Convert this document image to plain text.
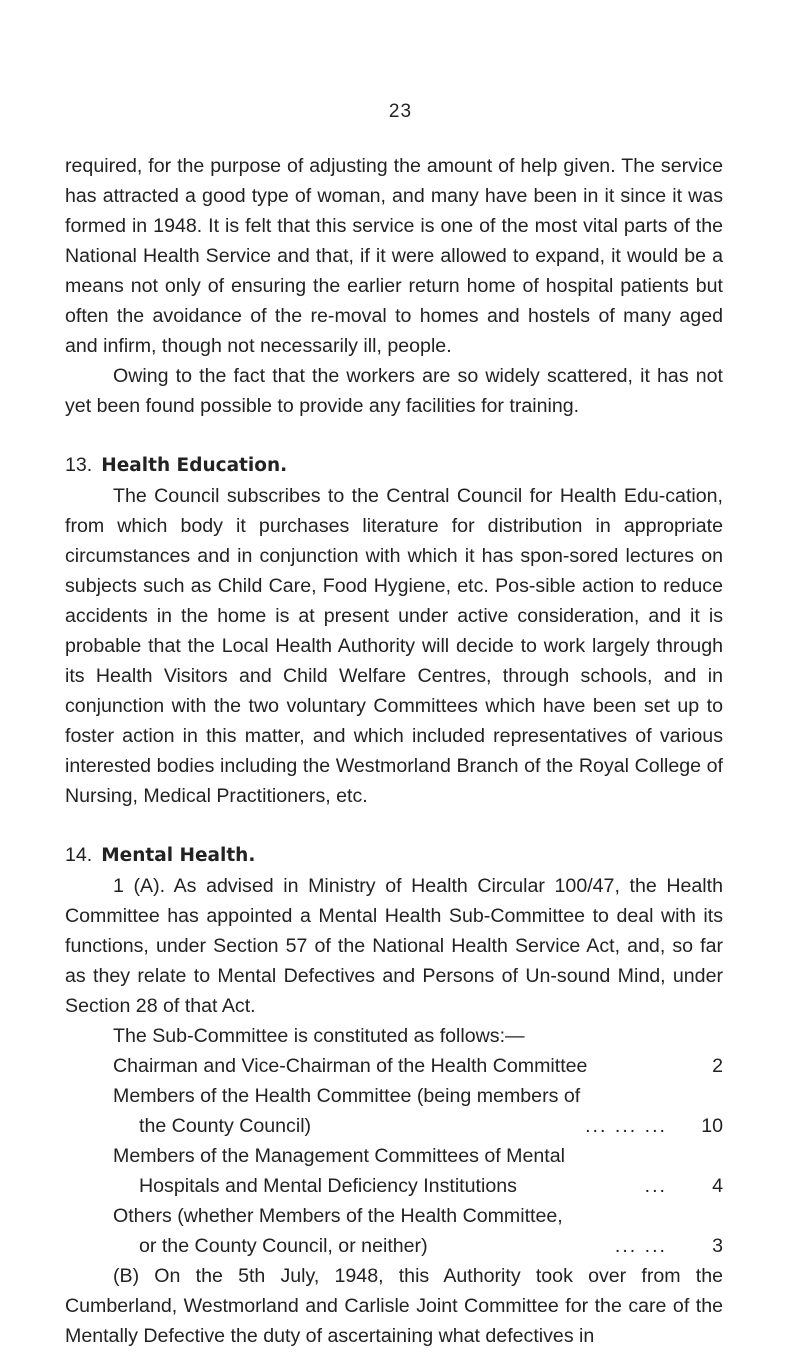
23

required, for the purpose of adjusting the amount of help given. The service has attracted a good type of woman, and many have been in it since it was formed in 1948. It is felt that this service is one of the most vital parts of the National Health Service and that, if it were allowed to expand, it would be a means not only of ensuring the earlier return home of hospital patients but often the avoidance of the re-moval to homes and hostels of many aged and infirm, though not necessarily ill, people.

Owing to the fact that the workers are so widely scattered, it has not yet been found possible to provide any facilities for training.

13. Health Education.

The Council subscribes to the Central Council for Health Edu-cation, from which body it purchases literature for distribution in appropriate circumstances and in conjunction with which it has spon-sored lectures on subjects such as Child Care, Food Hygiene, etc. Pos-sible action to reduce accidents in the home is at present under active consideration, and it is probable that the Local Health Authority will decide to work largely through its Health Visitors and Child Welfare Centres, through schools, and in conjunction with the two voluntary Committees which have been set up to foster action in this matter, and which included representatives of various interested bodies including the Westmorland Branch of the Royal College of Nursing, Medical Practitioners, etc.

14. Mental Health.

1 (A). As advised in Ministry of Health Circular 100/47, the Health Committee has appointed a Mental Health Sub-Committee to deal with its functions, under Section 57 of the National Health Service Act, and, so far as they relate to Mental Defectives and Persons of Un-sound Mind, under Section 28 of that Act.

The Sub-Committee is constituted as follows:—

Chairman and Vice-Chairman of the Health Committee	2
Members of the Health Committee (being members of
the County Council)	... ... ...	10
Members of the Management Committees of Mental
Hospitals and Mental Deficiency Institutions	...	4
Others (whether Members of the Health Committee,
or the County Council, or neither)	... ...	3

(B) On the 5th July, 1948, this Authority took over from the Cumberland, Westmorland and Carlisle Joint Committee for the care of the Mentally Defective the duty of ascertaining what defectives in
